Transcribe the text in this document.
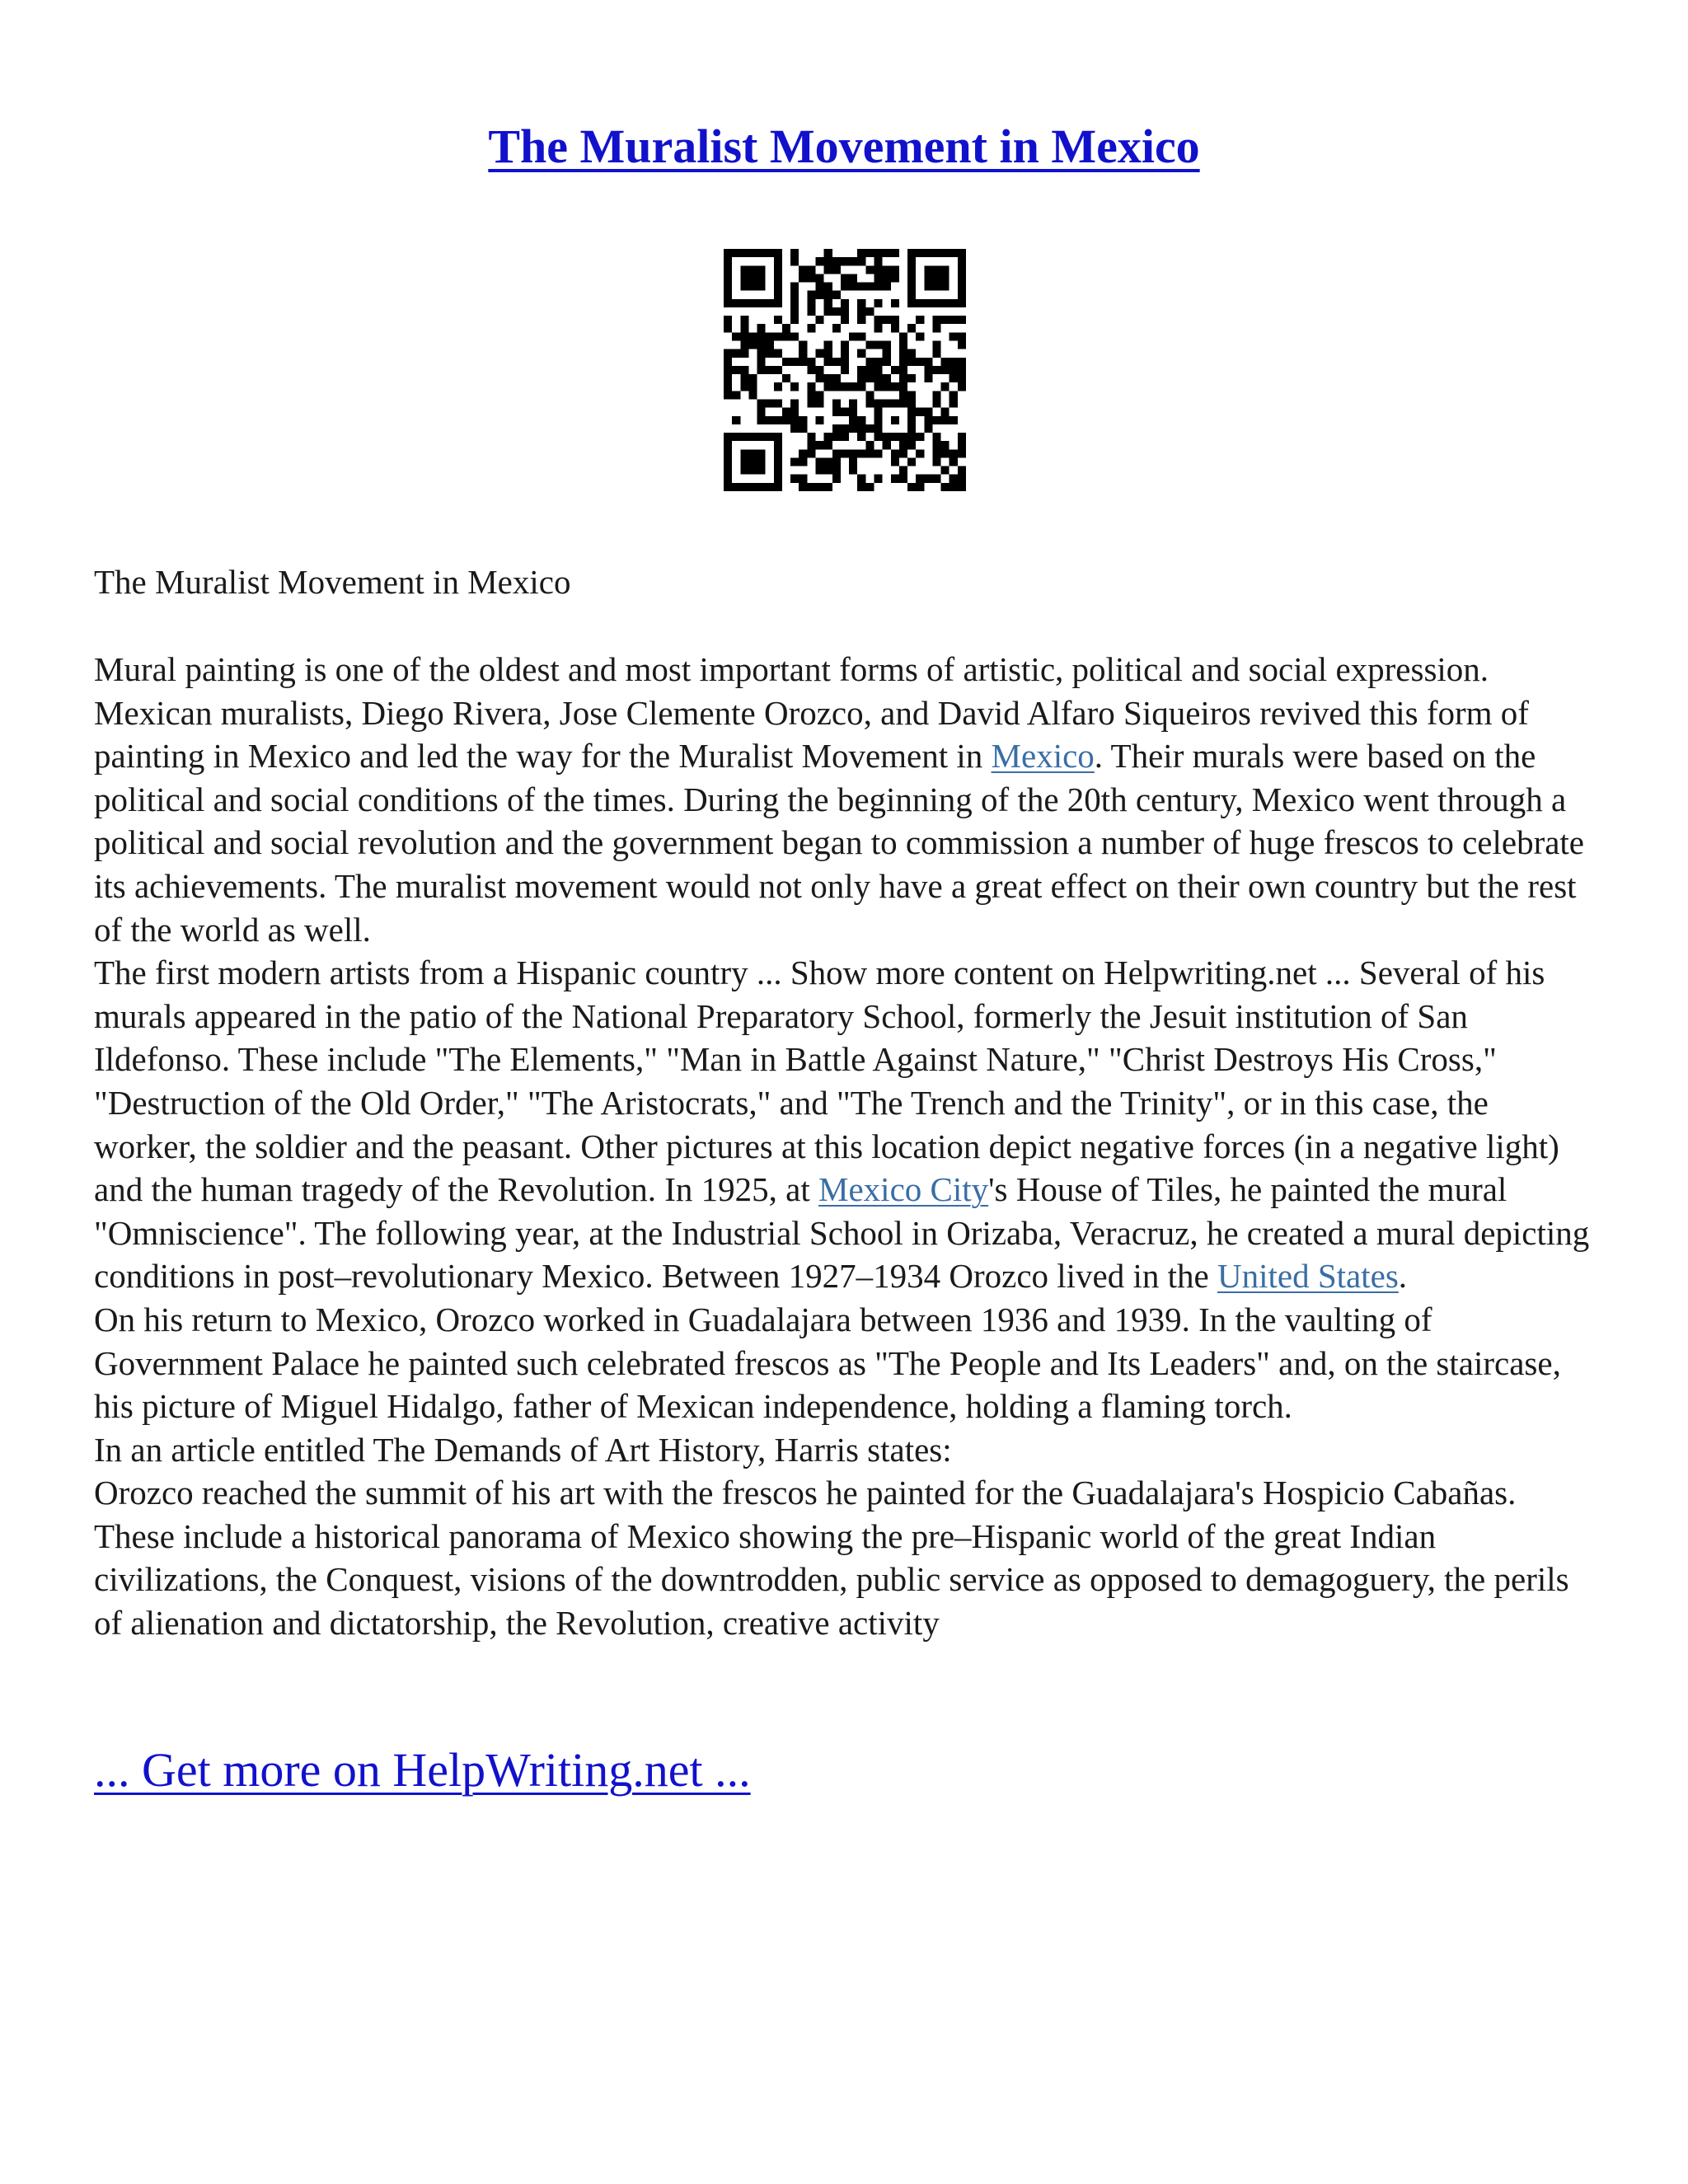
The Muralist Movement in Mexico

The Muralist Movement in Mexico

Mural painting is one of the oldest and most important forms of artistic, political and social expression. Mexican muralists, Diego Rivera, Jose Clemente Orozco, and David Alfaro Siqueiros revived this form of painting in Mexico and led the way for the Muralist Movement in Mexico. Their murals were based on the political and social conditions of the times. During the beginning of the 20th century, Mexico went through a political and social revolution and the government began to commission a number of huge frescos to celebrate its achievements. The muralist movement would not only have a great effect on their own country but the rest of the world as well.

The first modern artists from a Hispanic country ... Show more content on Helpwriting.net ... Several of his murals appeared in the patio of the National Preparatory School, formerly the Jesuit institution of San Ildefonso. These include "The Elements," "Man in Battle Against Nature," "Christ Destroys His Cross," "Destruction of the Old Order," "The Aristocrats," and "The Trench and the Trinity", or in this case, the worker, the soldier and the peasant. Other pictures at this location depict negative forces (in a negative light) and the human tragedy of the Revolution. In 1925, at Mexico City's House of Tiles, he painted the mural "Omniscience". The following year, at the Industrial School in Orizaba, Veracruz, he created a mural depicting conditions in post–revolutionary Mexico. Between 1927–1934 Orozco lived in the United States.

On his return to Mexico, Orozco worked in Guadalajara between 1936 and 1939. In the vaulting of Government Palace he painted such celebrated frescos as "The People and Its Leaders" and, on the staircase, his picture of Miguel Hidalgo, father of Mexican independence, holding a flaming torch.

In an article entitled The Demands of Art History, Harris states:

Orozco reached the summit of his art with the frescos he painted for the Guadalajara's Hospicio Cabañas. These include a historical panorama of Mexico showing the pre–Hispanic world of the great Indian civilizations, the Conquest, visions of the downtrodden, public service as opposed to demagoguery, the perils of alienation and dictatorship, the Revolution, creative activity

... Get more on HelpWriting.net ...
